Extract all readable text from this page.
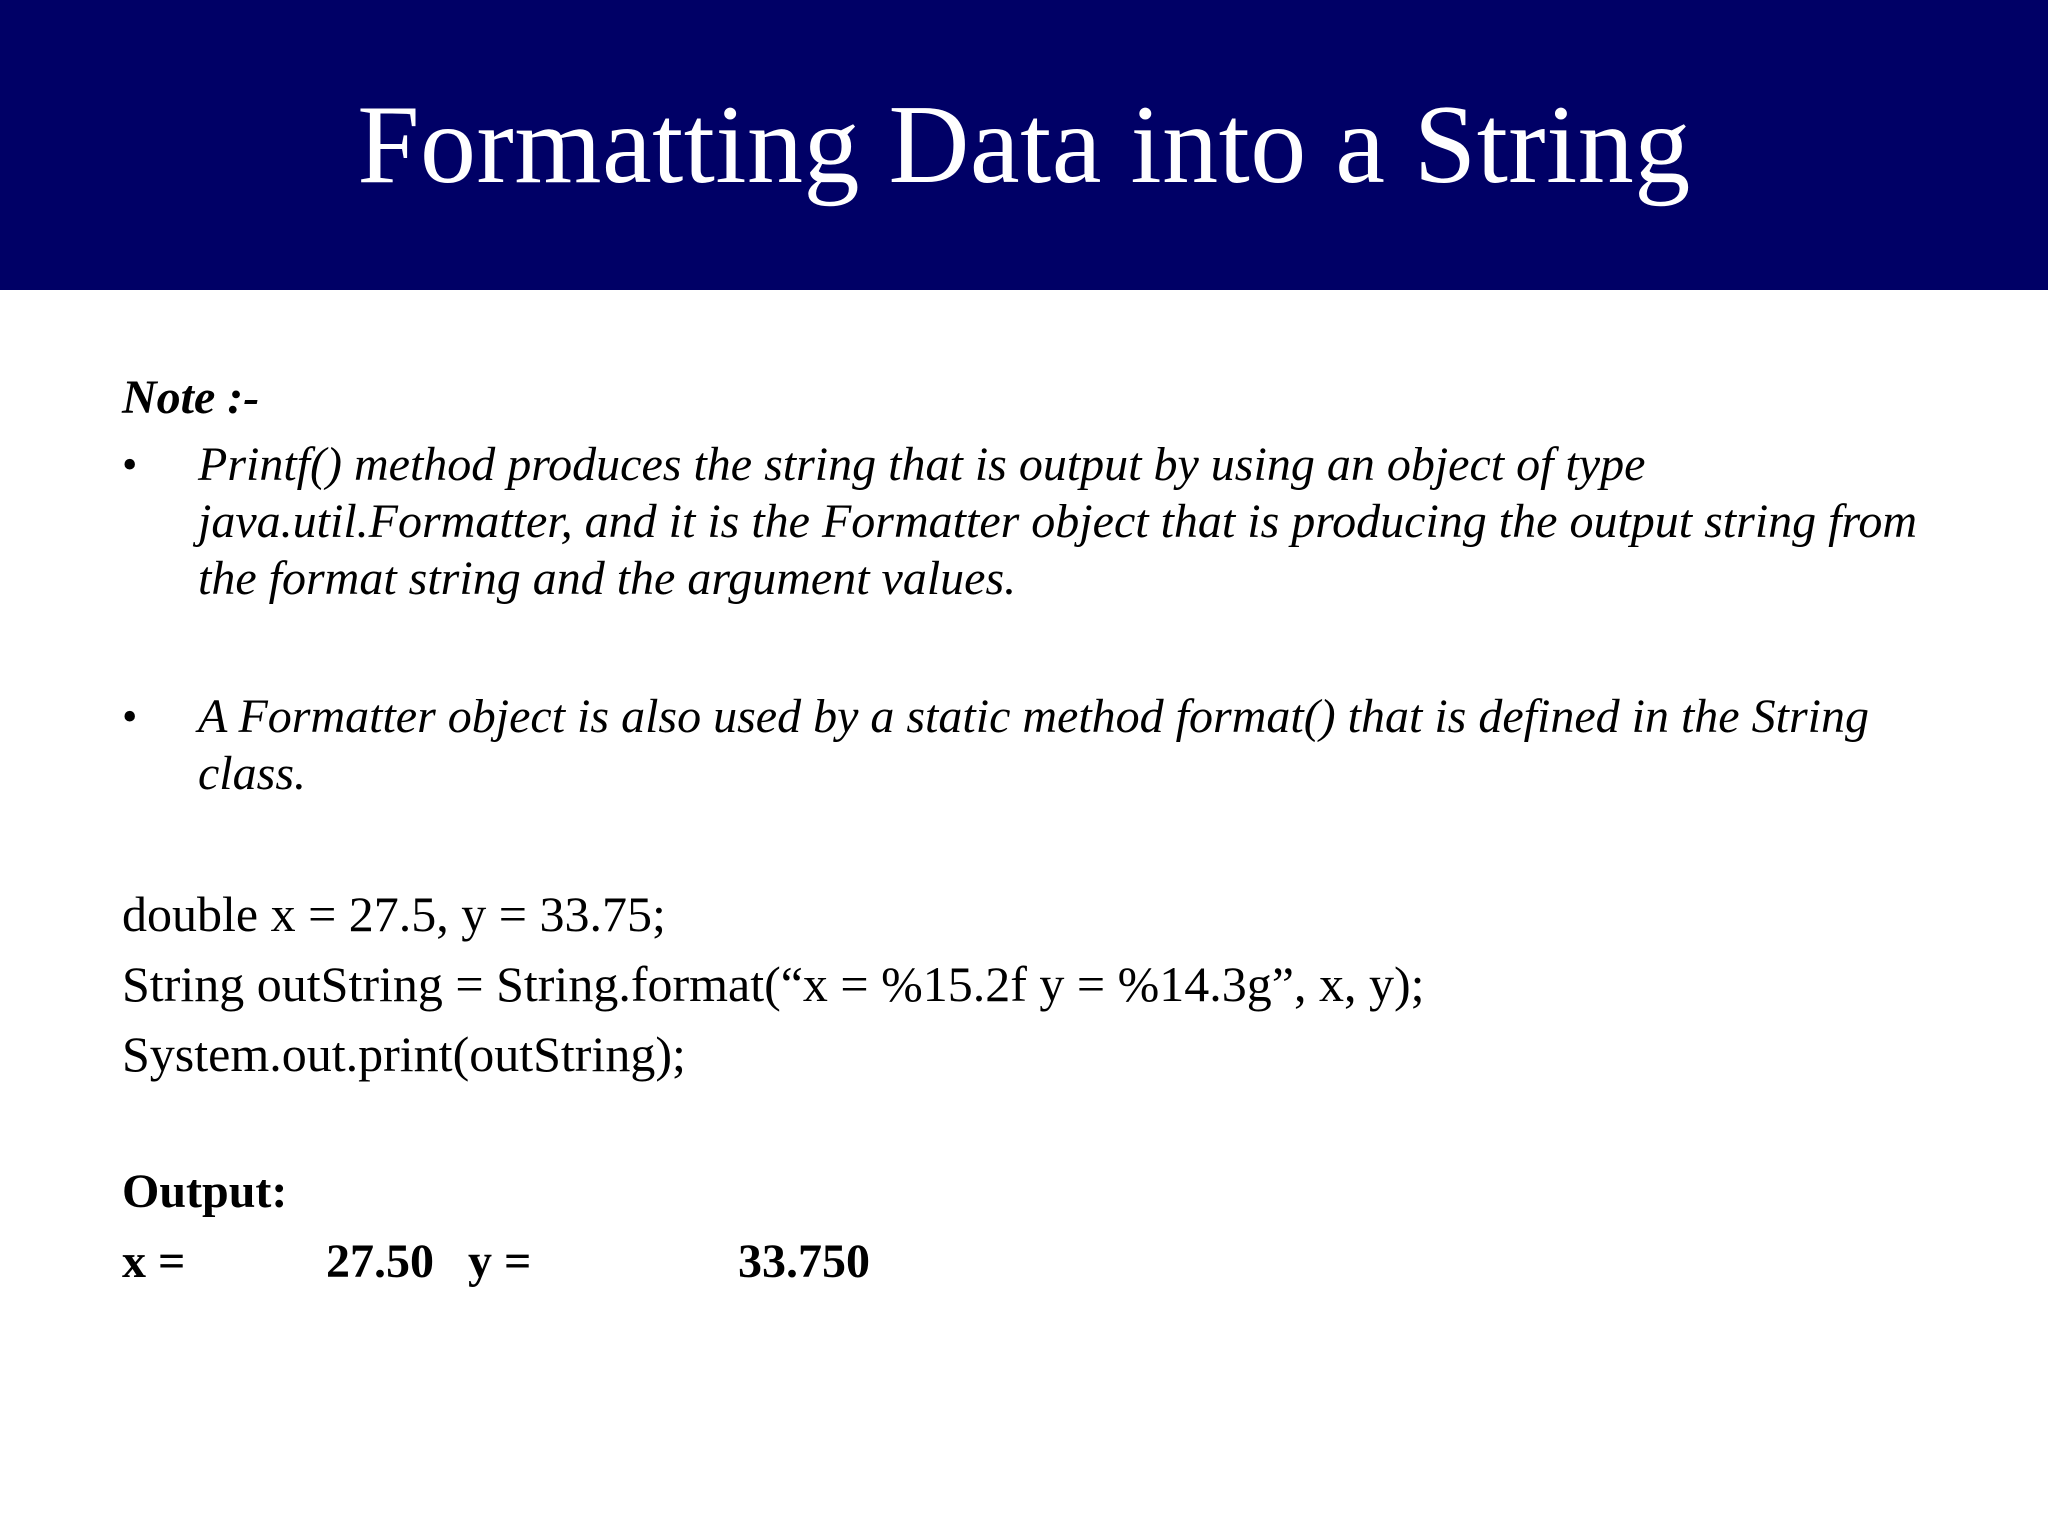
Formatting Data into a String
Note :-
• Printf() method produces the string that is output by using an object of type java.util.Formatter, and it is the Formatter object that is producing the output string from the format string and the argument values.
• A Formatter object is also used by a static method format() that is defined in the String class.
double x = 27.5, y = 33.75;
String outString = String.format(“x = %15.2f y = %14.3g”, x, y);
System.out.print(outString);
Output:
x =	27.50 y =	33.750
